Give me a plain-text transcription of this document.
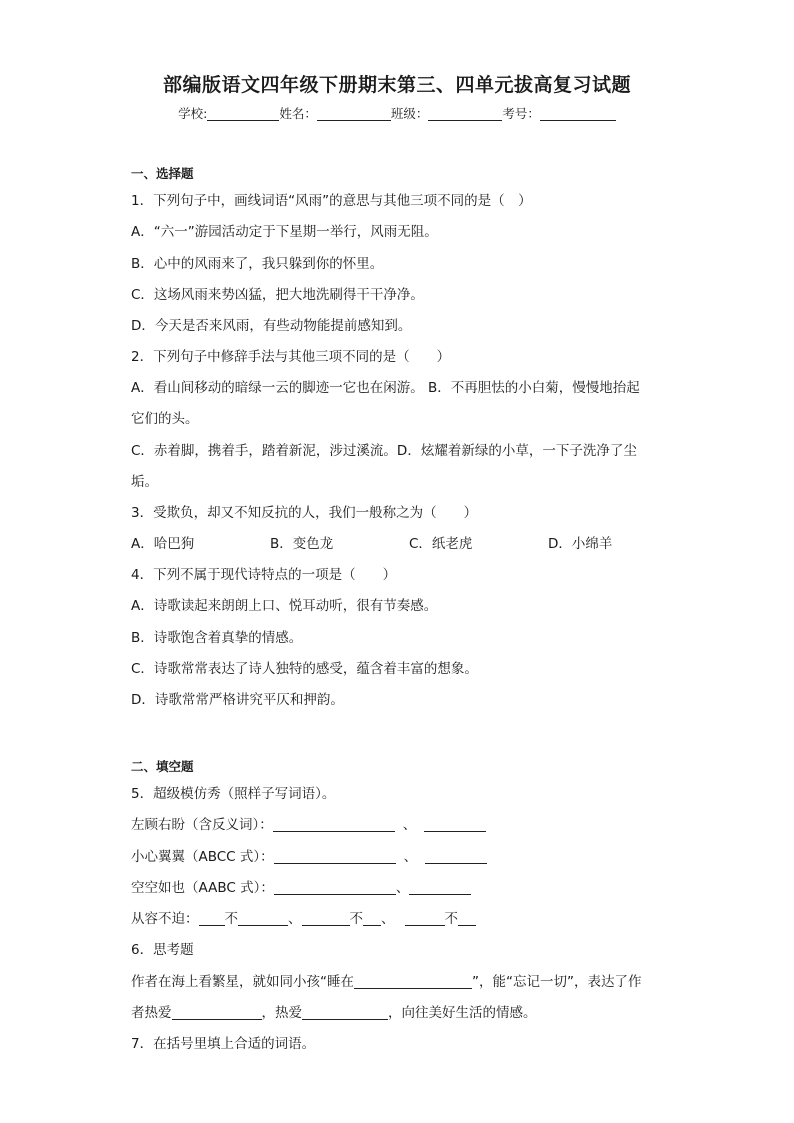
部编版语文四年级下册期末第三、四单元拔高复习试题
学校:	姓名：	班级：	考号：
一、选择题
1．下列句子中，画线词语“风雨”的意思与其他三项不同的是（　）
A．“六一”游园活动定于下星期一举行，风雨无阻。
B．心中的风雨来了，我只躲到你的怀里。
C．这场风雨来势凶猛，把大地洗刷得干干净净。
D．今天是否来风雨，有些动物能提前感知到。
2．下列句子中修辞手法与其他三项不同的是（　　）
A．看山间移动的暗绿一云的脚迹一它也在闲游。 B．不再胆怯的小白菊，慢慢地抬起
它们的头。
C．赤着脚，携着手，踏着新泥，涉过溪流。D．炫耀着新绿的小草，一下子洗净了尘
垢。
3．受欺负，却又不知反抗的人，我们一般称之为（　　）
A．哈巴狗	B．变色龙	C．纸老虎	D．小绵羊
4．下列不属于现代诗特点的一项是（　　）
A．诗歌读起来朗朗上口、悦耳动听，很有节奏感。
B．诗歌饱含着真挚的情感。
C．诗歌常常表达了诗人独特的感受，蕴含着丰富的想象。
D．诗歌常常严格讲究平仄和押韵。
二、填空题
5．超级模仿秀（照样子写词语）。
左顾右盼（含反义词）：	、
小心翼翼（ABCC 式）：	、
空空如也（AABC 式）：	、
从容不迫： 不	、	不 、	不
6．思考题
作者在海上看繁星，就如同小孩“睡在	”，能“忘记一切”，表达了作
者热爱	，热爱	，向往美好生活的情感。
7．在括号里填上合适的词语。
